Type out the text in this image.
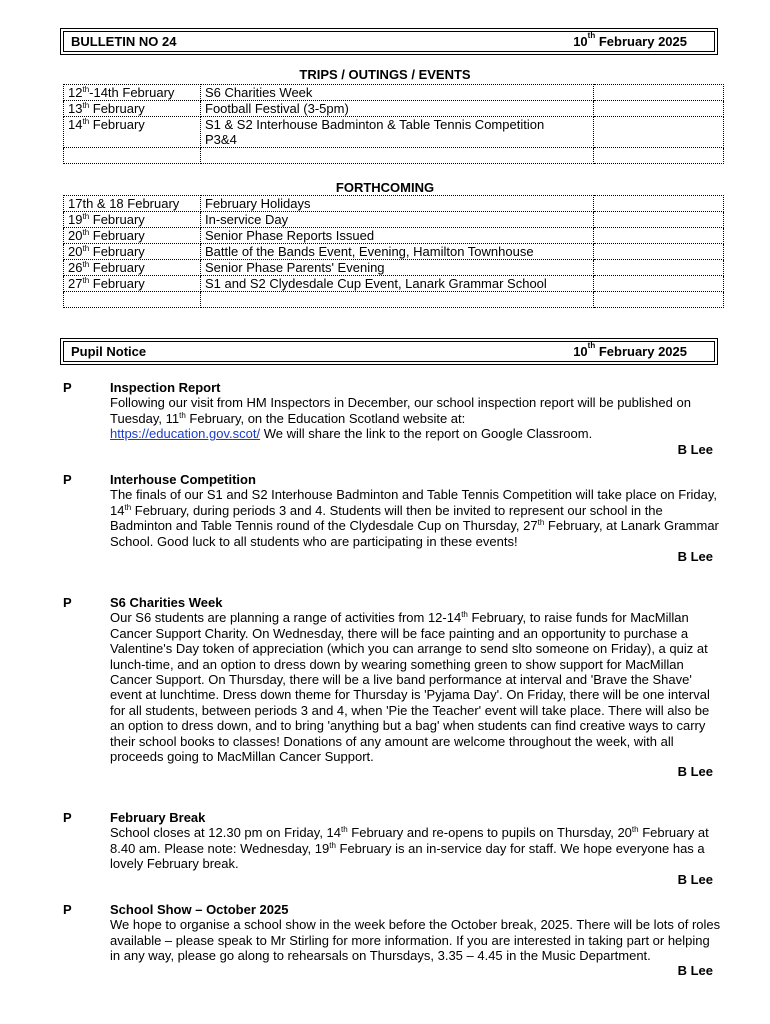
BULLETIN NO 24	10th February 2025
TRIPS / OUTINGS / EVENTS
12th-14th February	S6 Charities Week	
13th February	Football Festival (3-5pm)	
14th February	S1 & S2 Interhouse Badminton & Table Tennis Competition
P3&4	

FORTHCOMING
17th & 18 February	February Holidays	
19th February	In-service Day	
20th February	Senior Phase Reports Issued	
20th February	Battle of the Bands Event, Evening, Hamilton Townhouse	
26th February	Senior Phase Parents' Evening	
27th February	S1 and S2 Clydesdale Cup Event, Lanark Grammar School	

Pupil Notice	10th February 2025
P	Inspection Report
Following our visit from HM Inspectors in December, our school inspection report will be published on Tuesday, 11th February, on the Education Scotland website at:
https://education.gov.scot/ We will share the link to the report on Google Classroom.
B Lee
P	Interhouse Competition
The finals of our S1 and S2 Interhouse Badminton and Table Tennis Competition will take place on Friday, 14th February, during periods 3 and 4. Students will then be invited to represent our school in the Badminton and Table Tennis round of the Clydesdale Cup on Thursday, 27th February, at Lanark Grammar School. Good luck to all students who are participating in these events!
B Lee
P	S6 Charities Week
Our S6 students are planning a range of activities from 12-14th February, to raise funds for MacMillan Cancer Support Charity. On Wednesday, there will be face painting and an opportunity to purchase a Valentine's Day token of appreciation (which you can arrange to send slto someone on Friday), a quiz at lunch-time, and an option to dress down by wearing something green to show support for MacMillan Cancer Support. On Thursday, there will be a live band performance at interval and 'Brave the Shave' event at lunchtime. Dress down theme for Thursday is 'Pyjama Day'. On Friday, there will be one interval for all students, between periods 3 and 4, when 'Pie the Teacher' event will take place. There will also be an option to dress down, and to bring 'anything but a bag' when students can find creative ways to carry their school books to classes! Donations of any amount are welcome throughout the week, with all proceeds going to MacMillan Cancer Support.
B Lee
P	February Break
School closes at 12.30 pm on Friday, 14th February and re-opens to pupils on Thursday, 20th February at 8.40 am. Please note: Wednesday, 19th February is an in-service day for staff. We hope everyone has a lovely February break.
B Lee
P	School Show – October 2025
We hope to organise a school show in the week before the October break, 2025. There will be lots of roles available – please speak to Mr Stirling for more information. If you are interested in taking part or helping in any way, please go along to rehearsals on Thursdays, 3.35 – 4.45 in the Music Department.
B Lee
